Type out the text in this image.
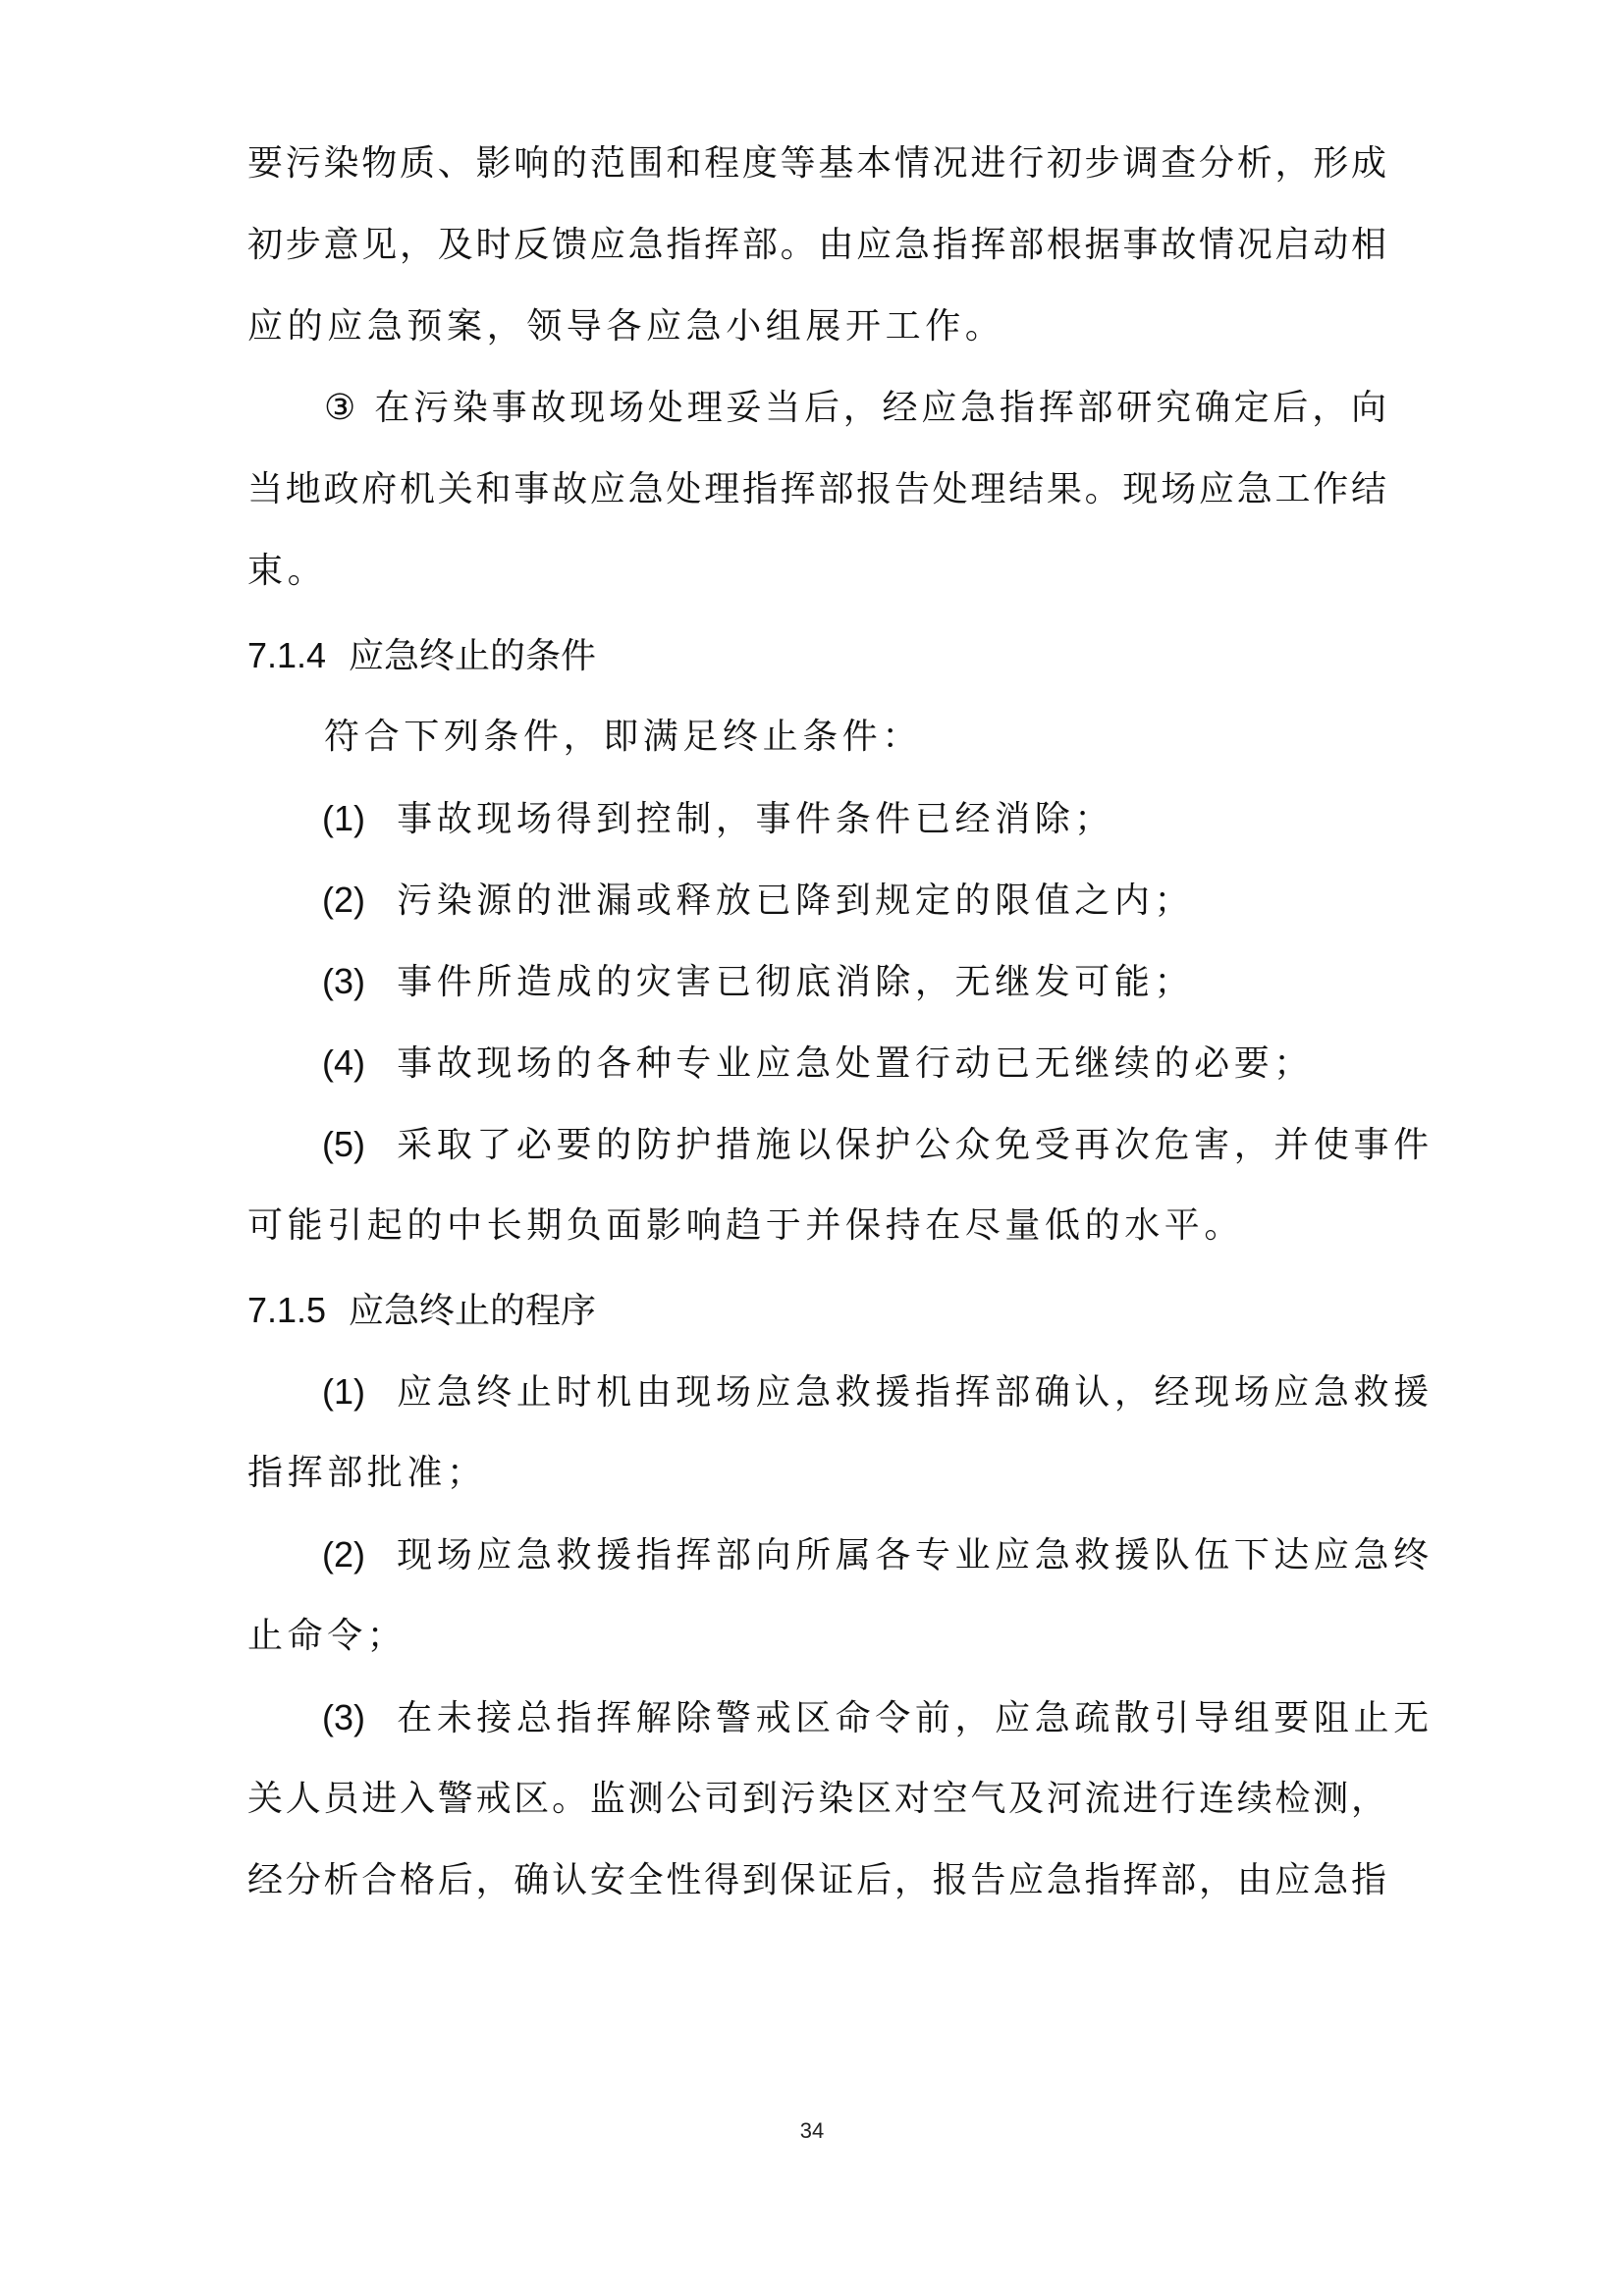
要污染物质、影响的范围和程度等基本情况进行初步调查分析，形成
初步意见，及时反馈应急指挥部。由应急指挥部根据事故情况启动相
应的应急预案，领导各应急小组展开工作。
③ 在污染事故现场处理妥当后，经应急指挥部研究确定后，向
当地政府机关和事故应急处理指挥部报告处理结果。现场应急工作结
束。
7.1.4 应急终止的条件
符合下列条件，即满足终止条件：
(1) 事故现场得到控制，事件条件已经消除；
(2) 污染源的泄漏或释放已降到规定的限值之内；
(3) 事件所造成的灾害已彻底消除，无继发可能；
(4) 事故现场的各种专业应急处置行动已无继续的必要；
(5) 采取了必要的防护措施以保护公众免受再次危害，并使事件
可能引起的中长期负面影响趋于并保持在尽量低的水平。
7.1.5 应急终止的程序
(1) 应急终止时机由现场应急救援指挥部确认，经现场应急救援
指挥部批准；
(2) 现场应急救援指挥部向所属各专业应急救援队伍下达应急终
止命令；
(3) 在未接总指挥解除警戒区命令前，应急疏散引导组要阻止无
关人员进入警戒区。监测公司到污染区对空气及河流进行连续检测，
经分析合格后，确认安全性得到保证后，报告应急指挥部，由应急指
34
